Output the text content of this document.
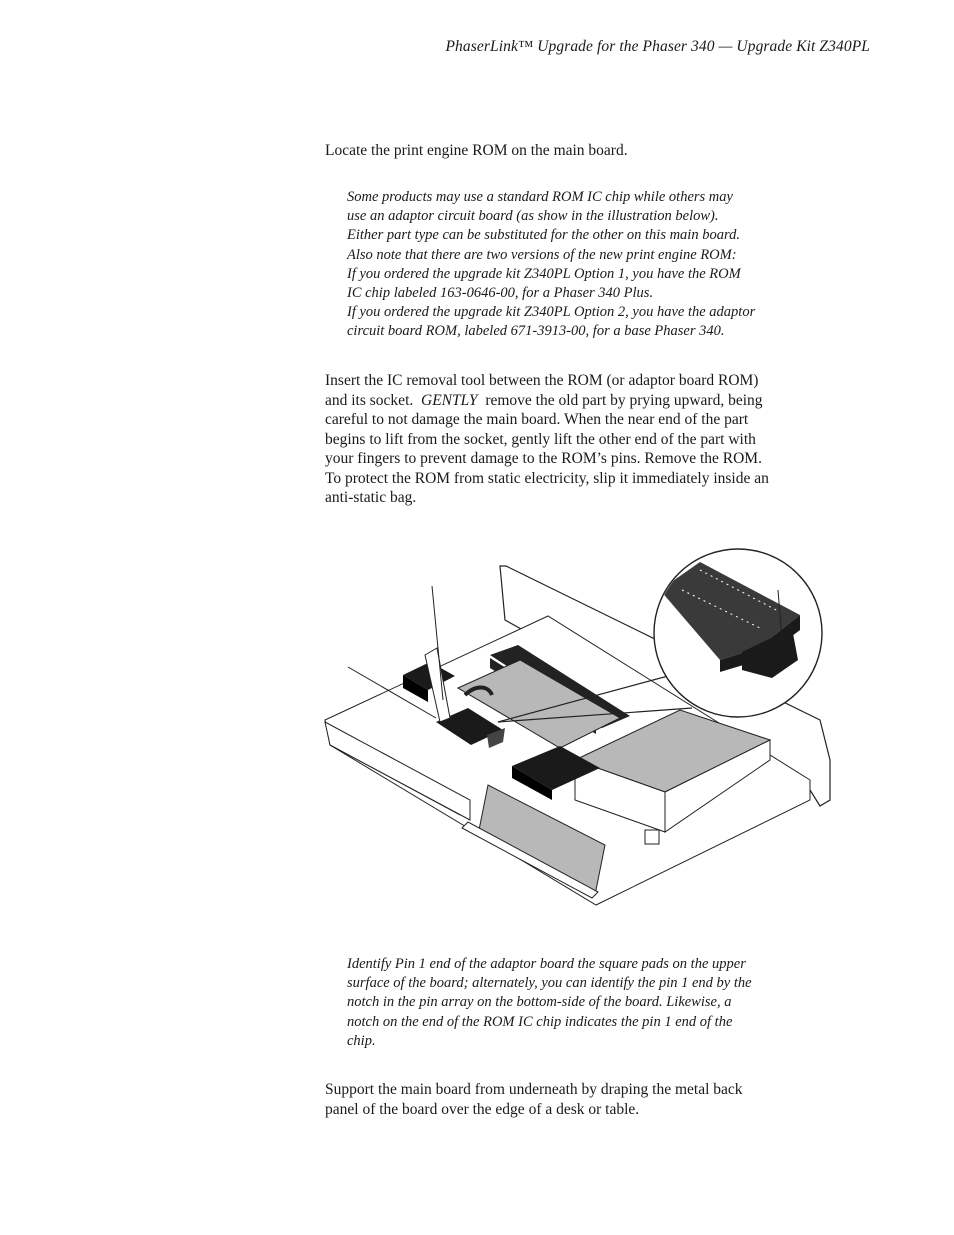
PhaserLink™ Upgrade for the Phaser 340 — Upgrade Kit Z340PL
Locate the print engine ROM on the main board.
Some products may use a standard ROM IC chip while others may
use an adaptor circuit board (as show in the illustration below).
Either part type can be substituted for the other on this main board.
Also note that there are two versions of the new print engine ROM:
If you ordered the upgrade kit Z340PL Option 1, you have the ROM
IC chip labeled 163-0646-00, for a Phaser 340 Plus.
If you ordered the upgrade kit Z340PL Option 2, you have the adaptor
circuit board ROM, labeled 671-3913-00, for a base Phaser 340.
Insert the IC removal tool between the ROM (or adaptor board ROM)
and its socket.  GENTLY  remove the old part by prying upward, being
careful to not damage the main board. When the near end of the part
begins to lift from the socket, gently lift the other end of the part with
your fingers to prevent damage to the ROM’s pins. Remove the ROM.
To protect the ROM from static electricity, slip it immediately inside an
anti-static bag.
Identify Pin 1 end of the adaptor board the square pads on the upper
surface of the board; alternately, you can identify the pin 1 end by the
notch in the pin array on the bottom-side of the board. Likewise, a
notch on the end of the ROM IC chip indicates the pin 1 end of the
chip.
Support the main board from underneath by draping the metal back
panel of the board over the edge of a desk or table.
